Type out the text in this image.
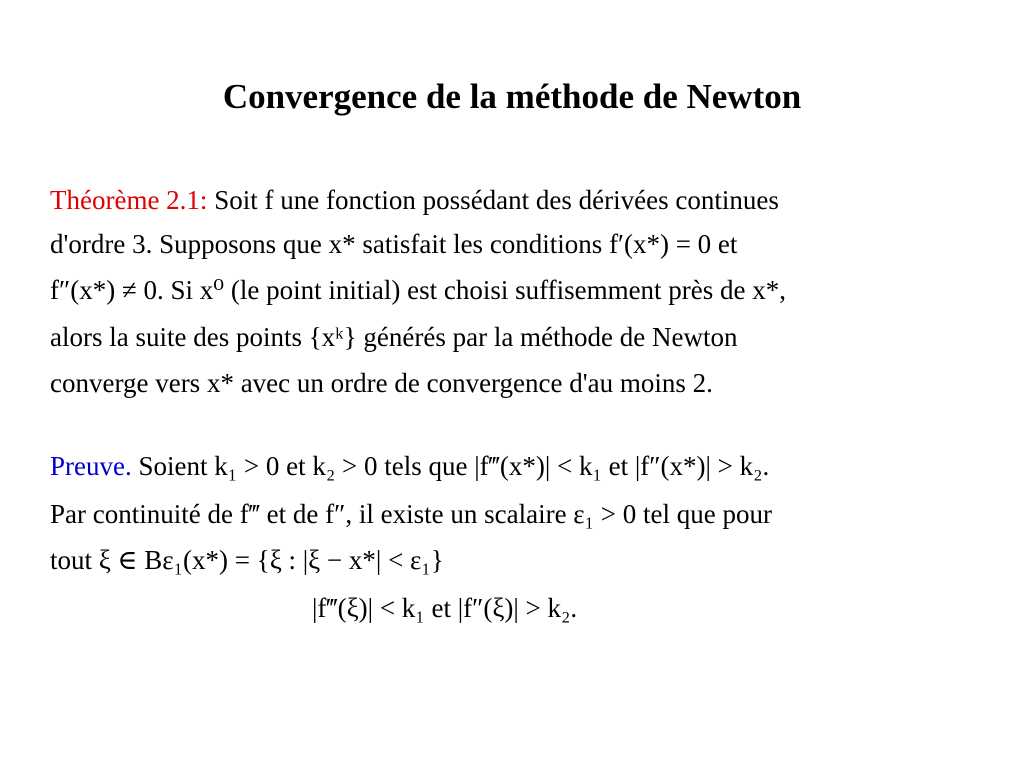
Convergence de la méthode de Newton
Théorème 2.1: Soit f une fonction possédant des dérivées continues
d'ordre 3. Supposons que x* satisfait les conditions f′(x*) = 0 et
f″(x*) ≠ 0. Si x⁰ (le point initial) est choisi suffisemment près de x*,
alors la suite des points {xᵏ} générés par la méthode de Newton
converge vers x* avec un ordre de convergence d'au moins 2.
Preuve. Soient k₁ > 0 et k₂ > 0 tels que |f‴(x*)| < k₁ et |f″(x*)| > k₂.
Par continuité de f‴ et de f″, il existe un scalaire ε₁ > 0 tel que pour
tout ξ ∈ Bε₁(x*) = {ξ : |ξ − x*| < ε₁}
|f‴(ξ)| < k₁ et |f″(ξ)| > k₂.
